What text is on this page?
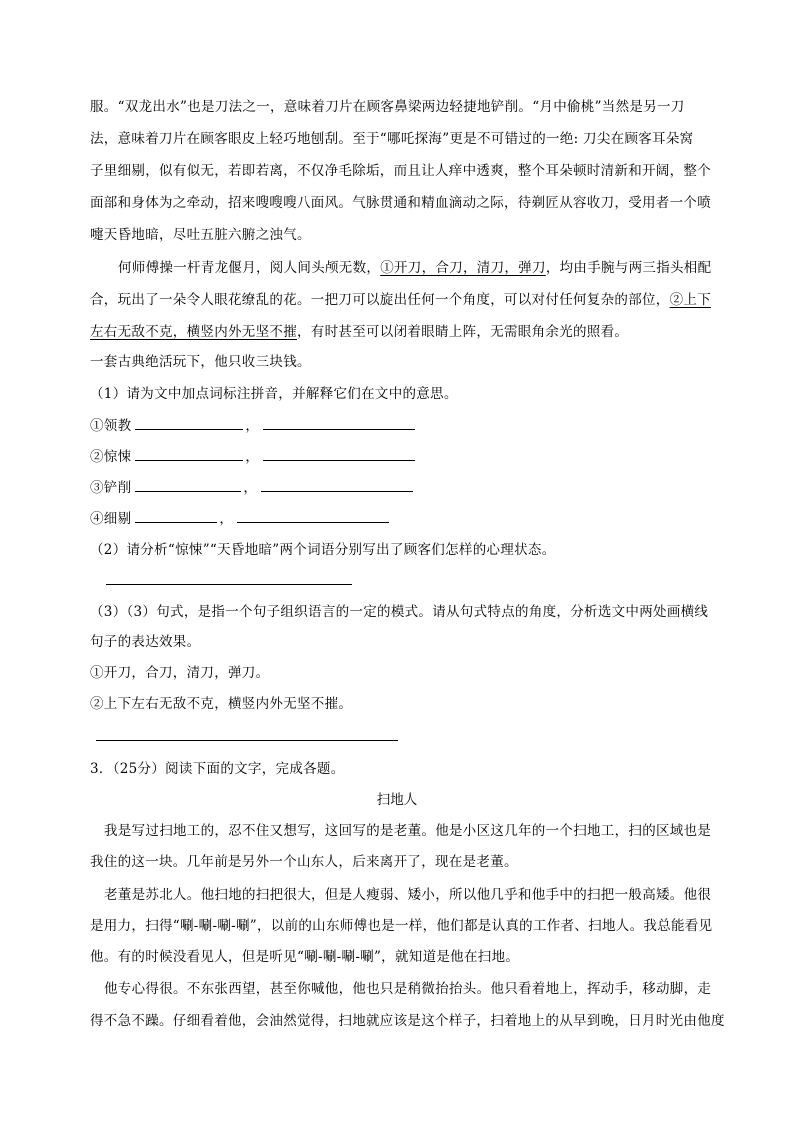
服。“双龙出水”也是刀法之一，意味着刀片在顾客鼻梁两边轻捷地铲削。“月中偷桃”当然是另一刀
法，意味着刀片在顾客眼皮上轻巧地刨刮。至于“哪吒探海”更是不可错过的一绝: 刀尖在顾客耳朵窝
子里细剔，似有似无，若即若离，不仅净毛除垢，而且让人痒中透爽，整个耳朵顿时清新和开阔，整个
面部和身体为之牵动，招来嗖嗖嗖八面风。气脉贯通和精血滴动之际，待剃匠从容收刀，受用者一个喷
嚏天昏地暗，尽吐五脏六腑之浊气。
何师傅操一杆青龙偃月，阅人间头颅无数，①开刀，合刀，清刀，弹刀，均由手腕与两三指头相配
合，玩出了一朵令人眼花缭乱的花。一把刀可以旋出任何一个角度，可以对付任何复杂的部位，②上下
左右无敌不克，横竖内外无坚不摧，有时甚至可以闭着眼睛上阵，无需眼角余光的照看。
一套古典绝活玩下，他只收三块钱。
（1）请为文中加点词标注拼音，并解释它们在文中的意思。
①领教	，
②惊悚	，
③铲削	，
④细剔	，
（2）请分析“惊悚”“天昏地暗”两个词语分别写出了顾客们怎样的心理状态。
（3）（3）句式，是指一个句子组织语言的一定的模式。请从句式特点的角度，分析选文中两处画横线
句子的表达效果。
①开刀，合刀，清刀，弹刀。
②上下左右无敌不克，横竖内外无坚不摧。
3．（25分）阅读下面的文字，完成各题。
扫地人
我是写过扫地工的，忍不住又想写，这回写的是老董。他是小区这几年的一个扫地工，扫的区域也是
我住的这一块。几年前是另外一个山东人，后来离开了，现在是老董。
老董是苏北人。他扫地的扫把很大，但是人瘦弱、矮小，所以他几乎和他手中的扫把一般高矮。他很
是用力，扫得“唰-唰-唰-唰”，以前的山东师傅也是一样，他们都是认真的工作者、扫地人。我总能看见
他。有的时候没看见人，但是听见“唰-唰-唰-唰”，就知道是他在扫地。
他专心得很。不东张西望，甚至你喊他，他也只是稍微抬抬头。他只看着地上，挥动手，移动脚，走
得不急不躁。仔细看着他，会油然觉得，扫地就应该是这个样子，扫着地上的从早到晚，日月时光由他度
